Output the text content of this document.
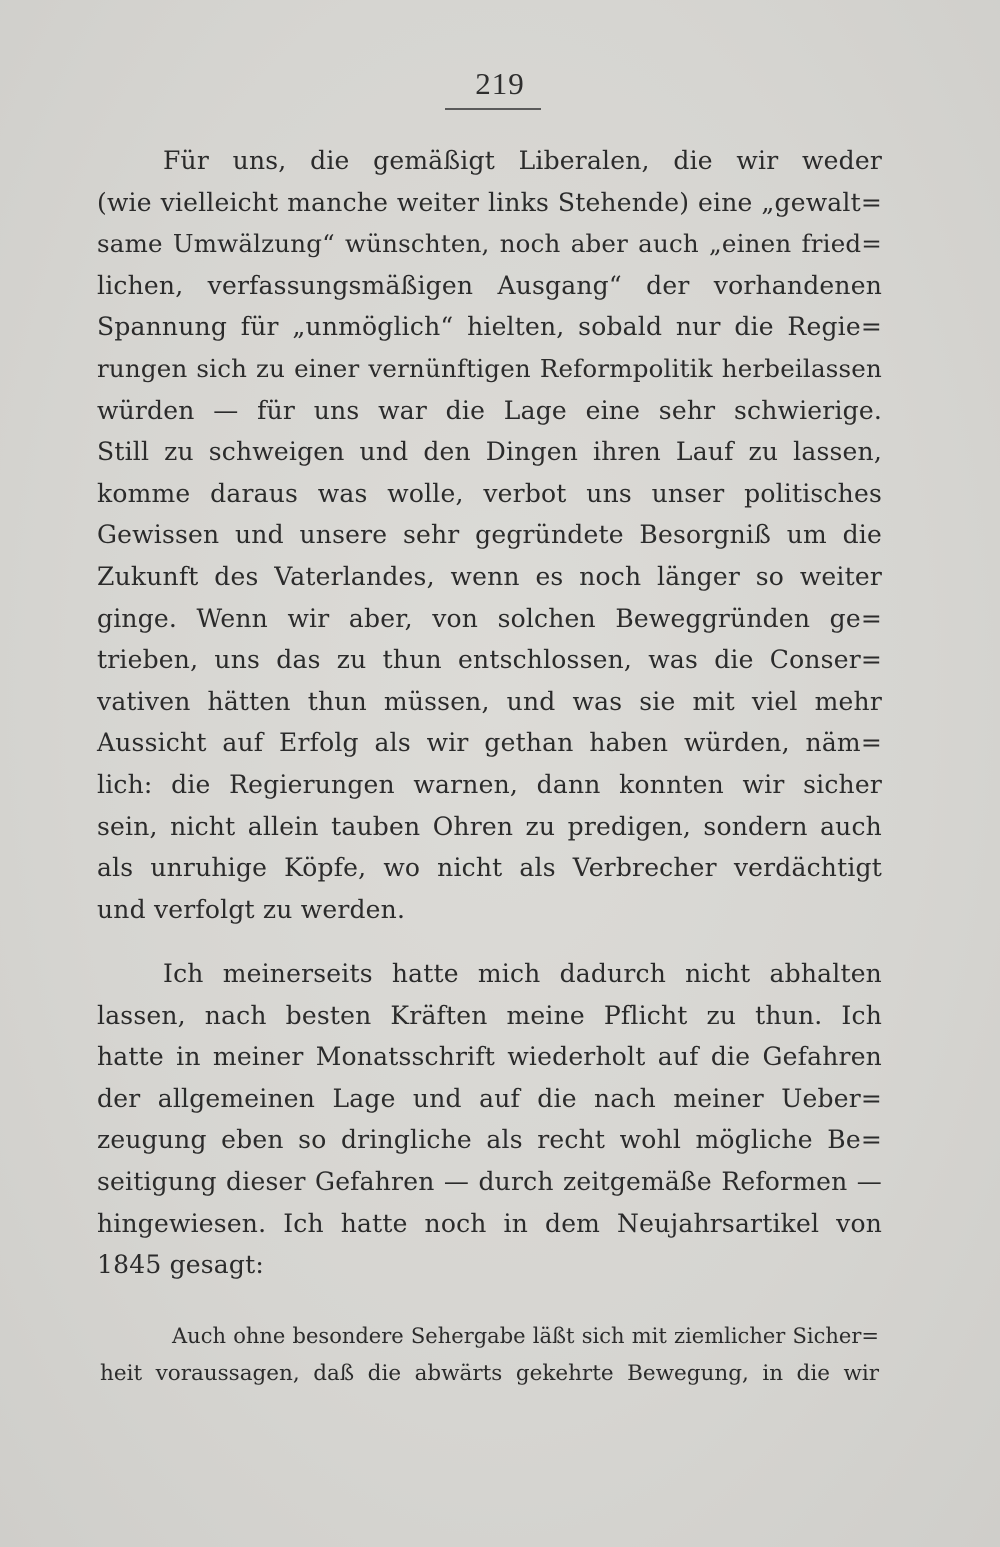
219
Für uns, die gemäßigt Liberalen, die wir weder
(wie vielleicht manche weiter links Stehende) eine „gewalt=
same Umwälzung“ wünschten, noch aber auch „einen fried=
lichen, verfassungsmäßigen Ausgang“ der vorhandenen
Spannung für „unmöglich“ hielten, sobald nur die Regie=
rungen sich zu einer vernünftigen Reformpolitik herbeilassen
würden — für uns war die Lage eine sehr schwierige.
Still zu schweigen und den Dingen ihren Lauf zu lassen,
komme daraus was wolle, verbot uns unser politisches
Gewissen und unsere sehr gegründete Besorgniß um die
Zukunft des Vaterlandes, wenn es noch länger so weiter
ginge. Wenn wir aber, von solchen Beweggründen ge=
trieben, uns das zu thun entschlossen, was die Conser=
vativen hätten thun müssen, und was sie mit viel mehr
Aussicht auf Erfolg als wir gethan haben würden, näm=
lich: die Regierungen warnen, dann konnten wir sicher
sein, nicht allein tauben Ohren zu predigen, sondern auch
als unruhige Köpfe, wo nicht als Verbrecher verdächtigt
und verfolgt zu werden.
Ich meinerseits hatte mich dadurch nicht abhalten
lassen, nach besten Kräften meine Pflicht zu thun. Ich
hatte in meiner Monatsschrift wiederholt auf die Gefahren
der allgemeinen Lage und auf die nach meiner Ueber=
zeugung eben so dringliche als recht wohl mögliche Be=
seitigung dieser Gefahren — durch zeitgemäße Reformen —
hingewiesen. Ich hatte noch in dem Neujahrsartikel von
1845 gesagt:
Auch ohne besondere Sehergabe läßt sich mit ziemlicher Sicher=
heit voraussagen, daß die abwärts gekehrte Bewegung, in die wir
